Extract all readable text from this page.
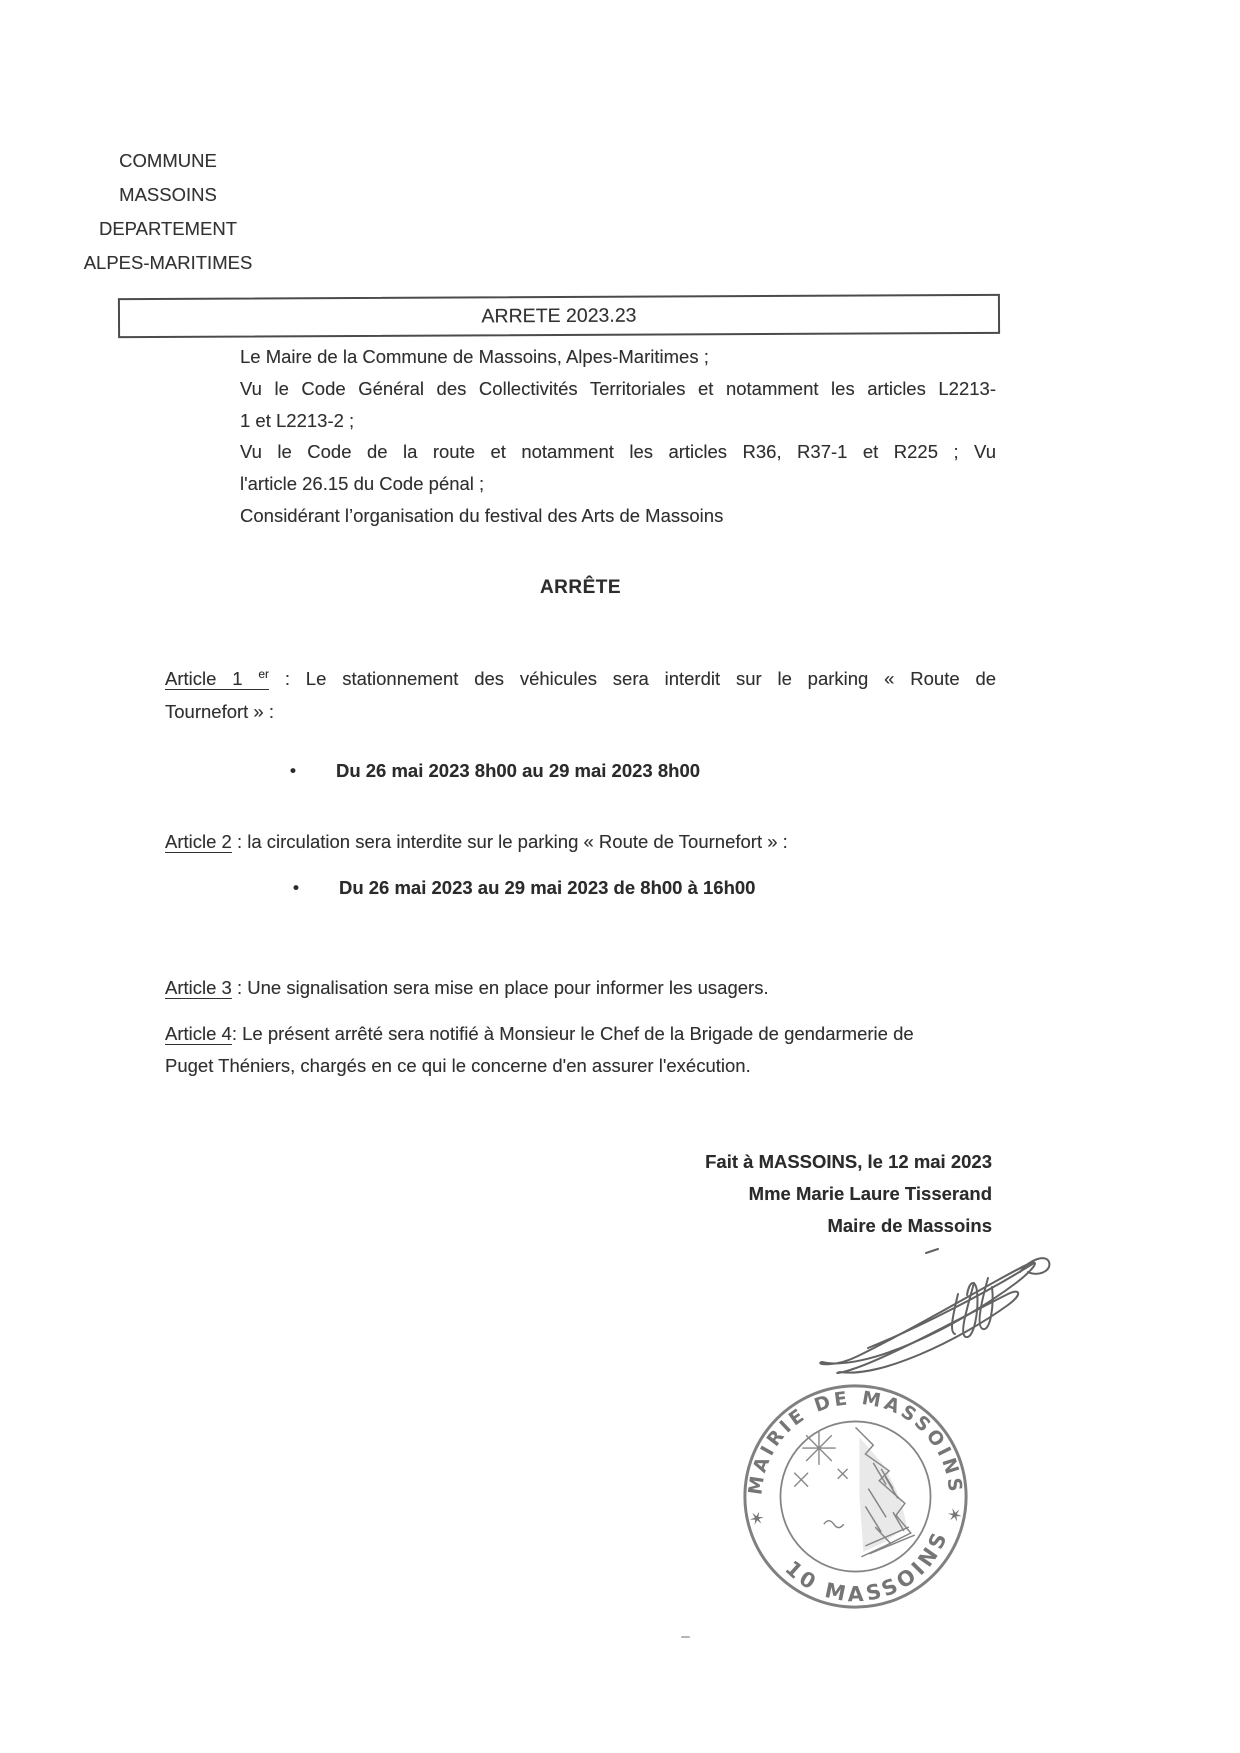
COMMUNE
MASSOINS
DEPARTEMENT
ALPES-MARITIMES
ARRETE 2023.23
Le Maire de la Commune de Massoins, Alpes-Maritimes ;
Vu le Code Général des Collectivités Territoriales et notamment les articles L2213-
1 et L2213-2 ;
Vu le Code de la route et notamment les articles R36, R37-1 et R225 ; Vu
l'article 26.15 du Code pénal ;
Considérant l’organisation du festival des Arts de Massoins
ARRÊTE
Article 1 $^{er}$ : Le stationnement des véhicules sera interdit sur le parking « Route de
Tournefort » :
• Du 26 mai 2023 8h00 au 29 mai 2023 8h00
Article 2 : la circulation sera interdite sur le parking « Route de Tournefort » :
• Du 26 mai 2023 au 29 mai 2023 de 8h00 à 16h00
Article 3 : Une signalisation sera mise en place pour informer les usagers.
Article 4: Le présent arrêté sera notifié à Monsieur le Chef de la Brigade de gendarmerie de
Puget Théniers, chargés en ce qui le concerne d'en assurer l'exécution.
Fait à MASSOINS, le 12 mai 2023
Mme Marie Laure Tisserand
Maire de Massoins
✶ MAIRIE DE MASSOINS ✶
10 MASSOINS
